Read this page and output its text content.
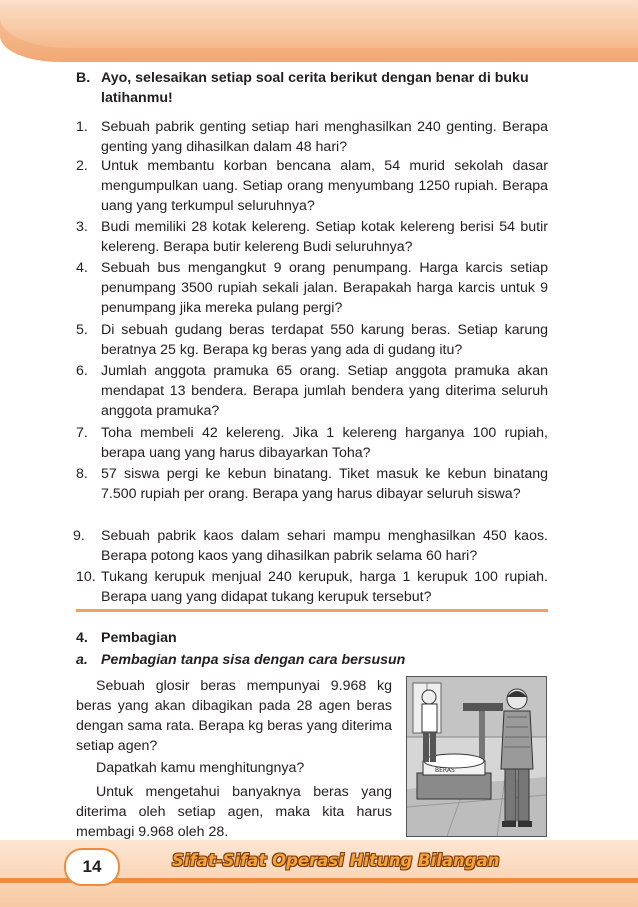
B. Ayo, selesaikan setiap soal cerita berikut dengan benar di buku latihanmu!
1. Sebuah pabrik genting setiap hari menghasilkan 240 genting. Berapa genting yang dihasilkan dalam 48 hari?
2. Untuk membantu korban bencana alam, 54 murid sekolah dasar mengumpulkan uang. Setiap orang menyumbang 1250 rupiah. Berapa uang yang terkumpul seluruhnya?
3. Budi memiliki 28 kotak kelereng. Setiap kotak kelereng berisi 54 butir kelereng. Berapa butir kelereng Budi seluruhnya?
4. Sebuah bus mengangkut 9 orang penumpang. Harga karcis setiap penumpang 3500 rupiah sekali jalan. Berapakah harga karcis untuk 9 penumpang jika mereka pulang pergi?
5. Di sebuah gudang beras terdapat 550 karung beras. Setiap karung beratnya 25 kg. Berapa kg beras yang ada di gudang itu?
6. Jumlah anggota pramuka 65 orang. Setiap anggota pramuka akan mendapat 13 bendera. Berapa jumlah bendera yang diterima seluruh anggota pramuka?
7. Toha membeli 42 kelereng. Jika 1 kelereng harganya 100 rupiah, berapa uang yang harus dibayarkan Toha?
8. 57 siswa pergi ke kebun binatang. Tiket masuk ke kebun binatang 7.500 rupiah per orang. Berapa yang harus dibayar seluruh siswa?
9. Sebuah pabrik kaos dalam sehari mampu menghasilkan 450 kaos. Berapa potong kaos yang dihasilkan pabrik selama 60 hari?
10. Tukang kerupuk menjual 240 kerupuk, harga 1 kerupuk 100 rupiah. Berapa uang yang didapat tukang kerupuk tersebut?
4. Pembagian
a. Pembagian tanpa sisa dengan cara bersusun
Sebuah glosir beras mempunyai 9.968 kg beras yang akan dibagikan pada 28 agen beras dengan sama rata. Berapa kg beras yang diterima setiap agen?
Dapatkah kamu menghitungnya?
Untuk mengetahui banyaknya beras yang diterima oleh setiap agen, maka kita harus membagi 9.968 oleh 28.
BERAS
14	Sifat-Sifat Operasi Hitung Bilangan
